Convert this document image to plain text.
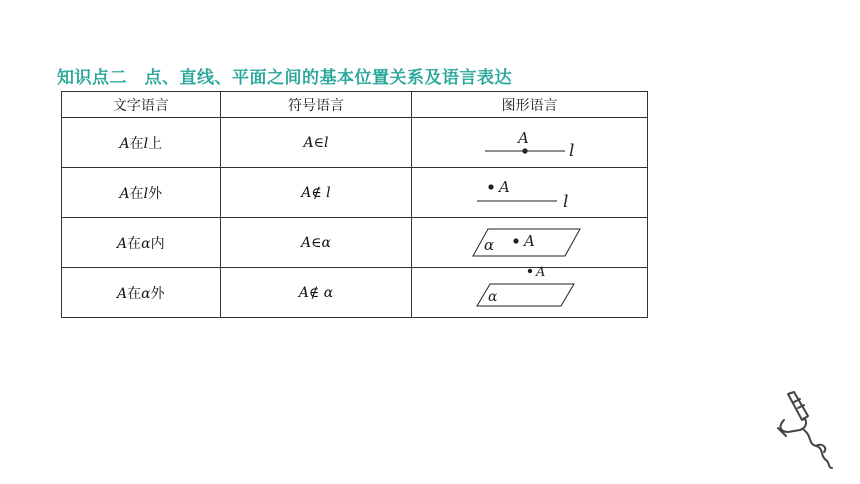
知识点二　点、直线、平面之间的基本位置关系及语言表达
文字语言	符号语言	图形语言
A在l上	A∈l	A
l

A在l外	A∉ l	A
l

A在α内	A∈α	α A

A在α外	A∉ α	A
α
